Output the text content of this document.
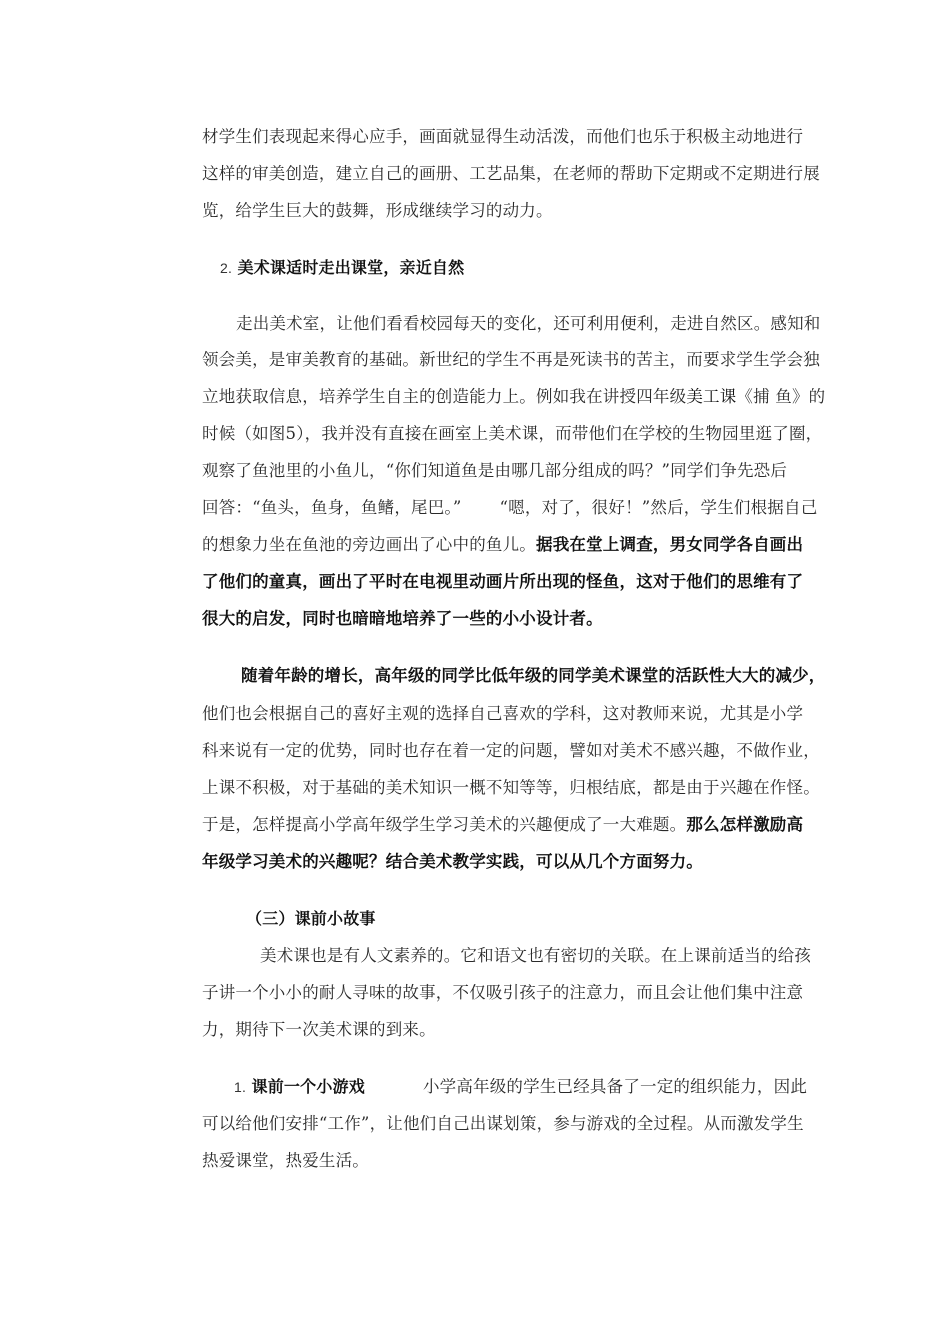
材学生们表现起来得心应手，画面就显得生动活泼，而他们也乐于积极主动地进行
这样的审美创造，建立自己的画册、工艺品集，在老师的帮助下定期或不定期进行展
览，给学生巨大的鼓舞，形成继续学习的动力。
2. 美术课适时走出课堂，亲近自然
走出美术室，让他们看看校园每天的变化，还可利用便利，走进自然区。感知和
领会美，是审美教育的基础。新世纪的学生不再是死读书的苦主，而要求学生学会独
立地获取信息，培养学生自主的创造能力上。例如我在讲授四年级美工课《捕 鱼》的
时候（如图5），我并没有直接在画室上美术课，而带他们在学校的生物园里逛了圈，
观察了鱼池里的小鱼儿，“你们知道鱼是由哪几部分组成的吗？”同学们争先恐后
回答：“鱼头，鱼身，鱼鳍，尾巴。” “嗯，对了，很好！”然后，学生们根据自己
的想象力坐在鱼池的旁边画出了心中的鱼儿。据我在堂上调查，男女同学各自画出
了他们的童真，画出了平时在电视里动画片所出现的怪鱼，这对于他们的思维有了
很大的启发，同时也暗暗地培养了一些的小小设计者。
随着年龄的增长，高年级的同学比低年级的同学美术课堂的活跃性大大的减少，
他们也会根据自己的喜好主观的选择自己喜欢的学科，这对教师来说，尤其是小学
科来说有一定的优势，同时也存在着一定的问题，譬如对美术不感兴趣，不做作业，
上课不积极，对于基础的美术知识一概不知等等，归根结底，都是由于兴趣在作怪。
于是，怎样提高小学高年级学生学习美术的兴趣便成了一大难题。那么怎样激励高
年级学习美术的兴趣呢？结合美术教学实践，可以从几个方面努力。
（三）课前小故事
美术课也是有人文素养的。它和语文也有密切的关联。在上课前适当的给孩
子讲一个小小的耐人寻味的故事，不仅吸引孩子的注意力，而且会让他们集中注意
力，期待下一次美术课的到来。
1. 课前一个小游戏	小学高年级的学生已经具备了一定的组织能力，因此
可以给他们安排“工作”，让他们自己出谋划策，参与游戏的全过程。从而激发学生
热爱课堂，热爱生活。
